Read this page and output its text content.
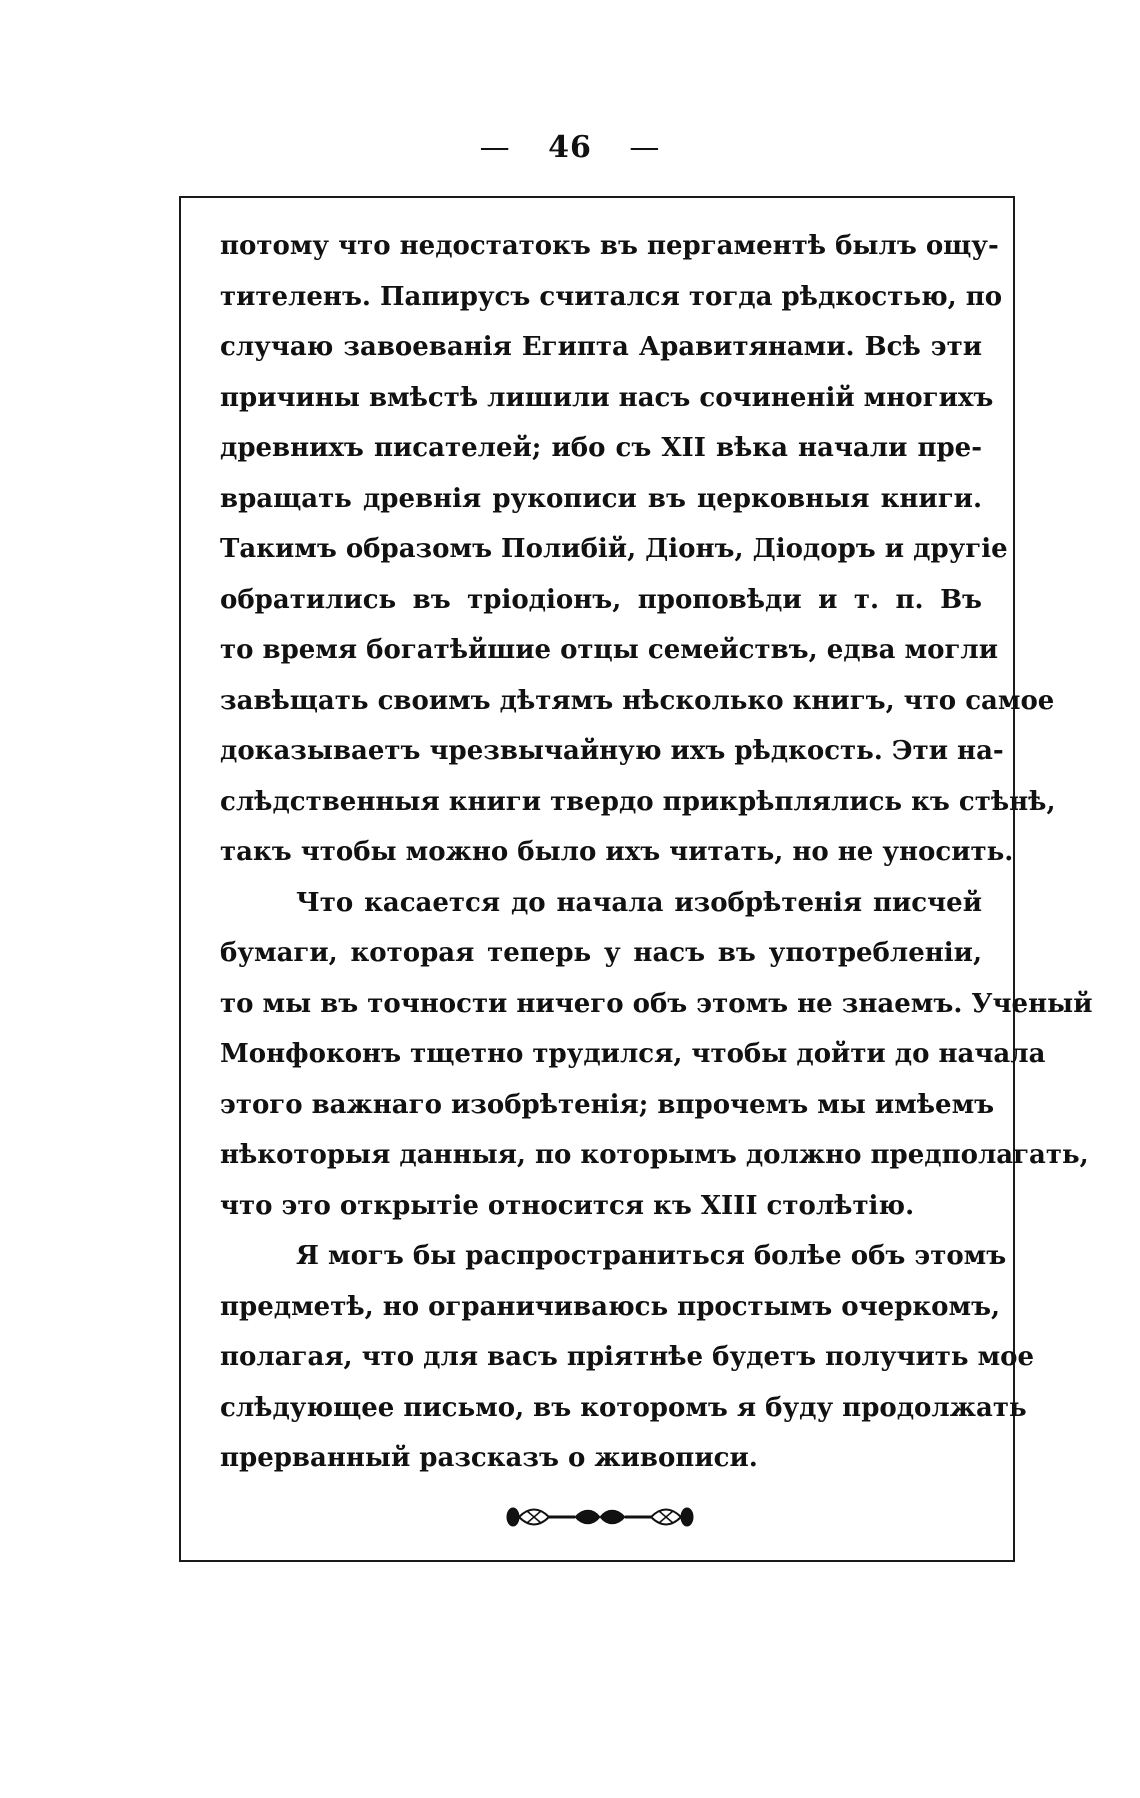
— 46 —
потому что недостатокъ въ пергаментѣ былъ ощу-
тителенъ. Папирусъ считался тогда рѣдкостью, по
случаю завоеванія Египта Аравитянами. Всѣ эти
причины вмѣстѣ лишили насъ сочиненій многихъ
древнихъ писателей; ибо съ XII вѣка начали пре-
вращать древнія рукописи въ церковныя книги.
Такимъ образомъ Полибій, Діонъ, Діодоръ и другіе
обратились въ тріодіонъ, проповѣди и т. п. Въ
то время богатѣйшие отцы семействъ, едва могли
завѣщать своимъ дѣтямъ нѣсколько книгъ, что самое
доказываетъ чрезвычайную ихъ рѣдкость. Эти на-
слѣдственныя книги твердо прикрѣплялись къ стѣнѣ,
такъ чтобы можно было ихъ читать, но не уносить.
Что касается до начала изобрѣтенія писчей
бумаги, которая теперь у насъ въ употребленіи,
то мы въ точности ничего объ этомъ не знаемъ. Ученый
Монфоконъ тщетно трудился, чтобы дойти до начала
этого важнаго изобрѣтенія; впрочемъ мы имѣемъ
нѣкоторыя данныя, по которымъ должно предполагать,
что это открытіе относится къ XIII столѣтію.
Я могъ бы распространиться болѣе объ этомъ
предметѣ, но ограничиваюсь простымъ очеркомъ,
полагая, что для васъ пріятнѣе будетъ получить мое
слѣдующее письмо, въ которомъ я буду продолжать
прерванный разсказъ о живописи.
